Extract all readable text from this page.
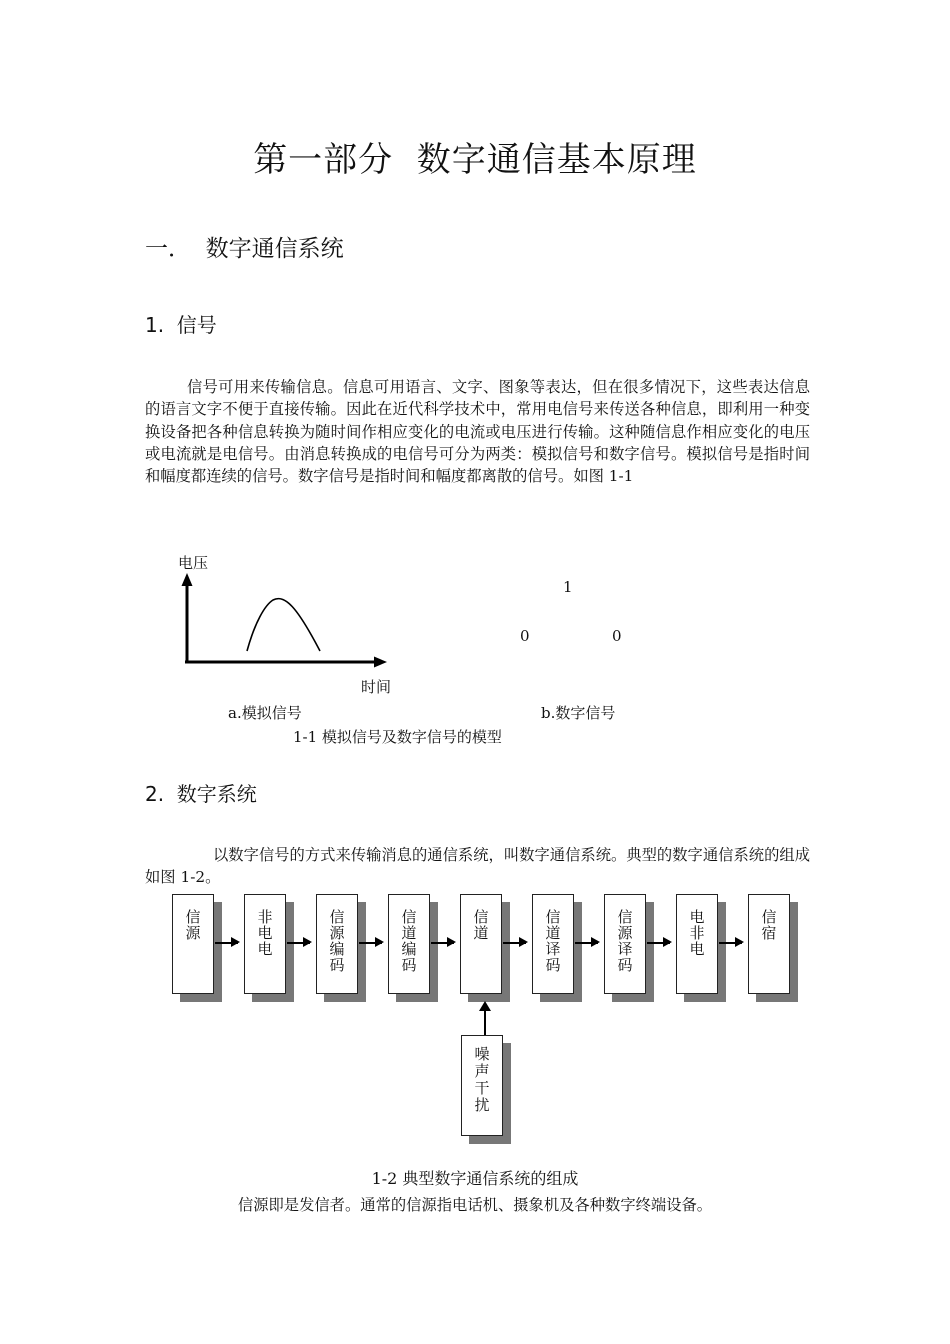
第一部分  数字通信基本原理
一．  数字通信系统
1.  信号

信号可用来传输信息。信息可用语言、文字、图象等表达，但在很多情况下，这些表达信息的语言文字不便于直接传输。因此在近代科学技术中，常用电信号来传送各种信息，即利用一种变换设备把各种信息转换为随时间作相应变化的电流或电压进行传输。这种随信息作相应变化的电压或电流就是电信号。由消息转换成的电信号可分为两类：模拟信号和数字信号。模拟信号是指时间和幅度都连续的信号。数字信号是指时间和幅度都离散的信号。如图 1-1

电压
时间
1
0	0
a.模拟信号	b.数字信号
1-1 模拟信号及数字信号的模型
2.  数字系统

以数字信号的方式来传输消息的通信系统，叫数字通信系统。典型的数字通信系统的组成如图 1-2。

信
源
非
电
电
信
源
编
码
信
道
编
码
信
道
信
道
译
码
信
源
译
码
电
非
电
信
宿
噪
声
干
扰
1-2 典型数字通信系统的组成
信源即是发信者。通常的信源指电话机、摄象机及各种数字终端设备。
